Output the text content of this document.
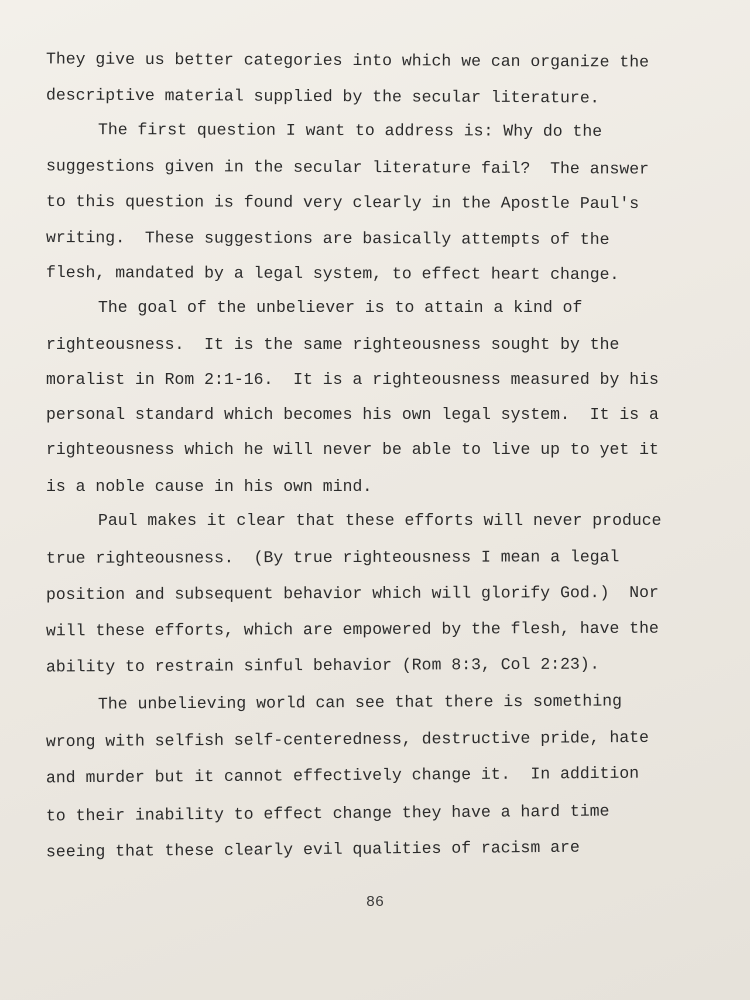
They give us better categories into which we can organize the
descriptive material supplied by the secular literature.
The first question I want to address is: Why do the
suggestions given in the secular literature fail?  The answer
to this question is found very clearly in the Apostle Paul's
writing.  These suggestions are basically attempts of the
flesh, mandated by a legal system, to effect heart change.
The goal of the unbeliever is to attain a kind of
righteousness.  It is the same righteousness sought by the
moralist in Rom 2:1-16.  It is a righteousness measured by his
personal standard which becomes his own legal system.  It is a
righteousness which he will never be able to live up to yet it
is a noble cause in his own mind.
Paul makes it clear that these efforts will never produce
true righteousness.  (By true righteousness I mean a legal
position and subsequent behavior which will glorify God.)  Nor
will these efforts, which are empowered by the flesh, have the
ability to restrain sinful behavior (Rom 8:3, Col 2:23).
The unbelieving world can see that there is something
wrong with selfish self-centeredness, destructive pride, hate
and murder but it cannot effectively change it.  In addition
to their inability to effect change they have a hard time
seeing that these clearly evil qualities of racism are
86
